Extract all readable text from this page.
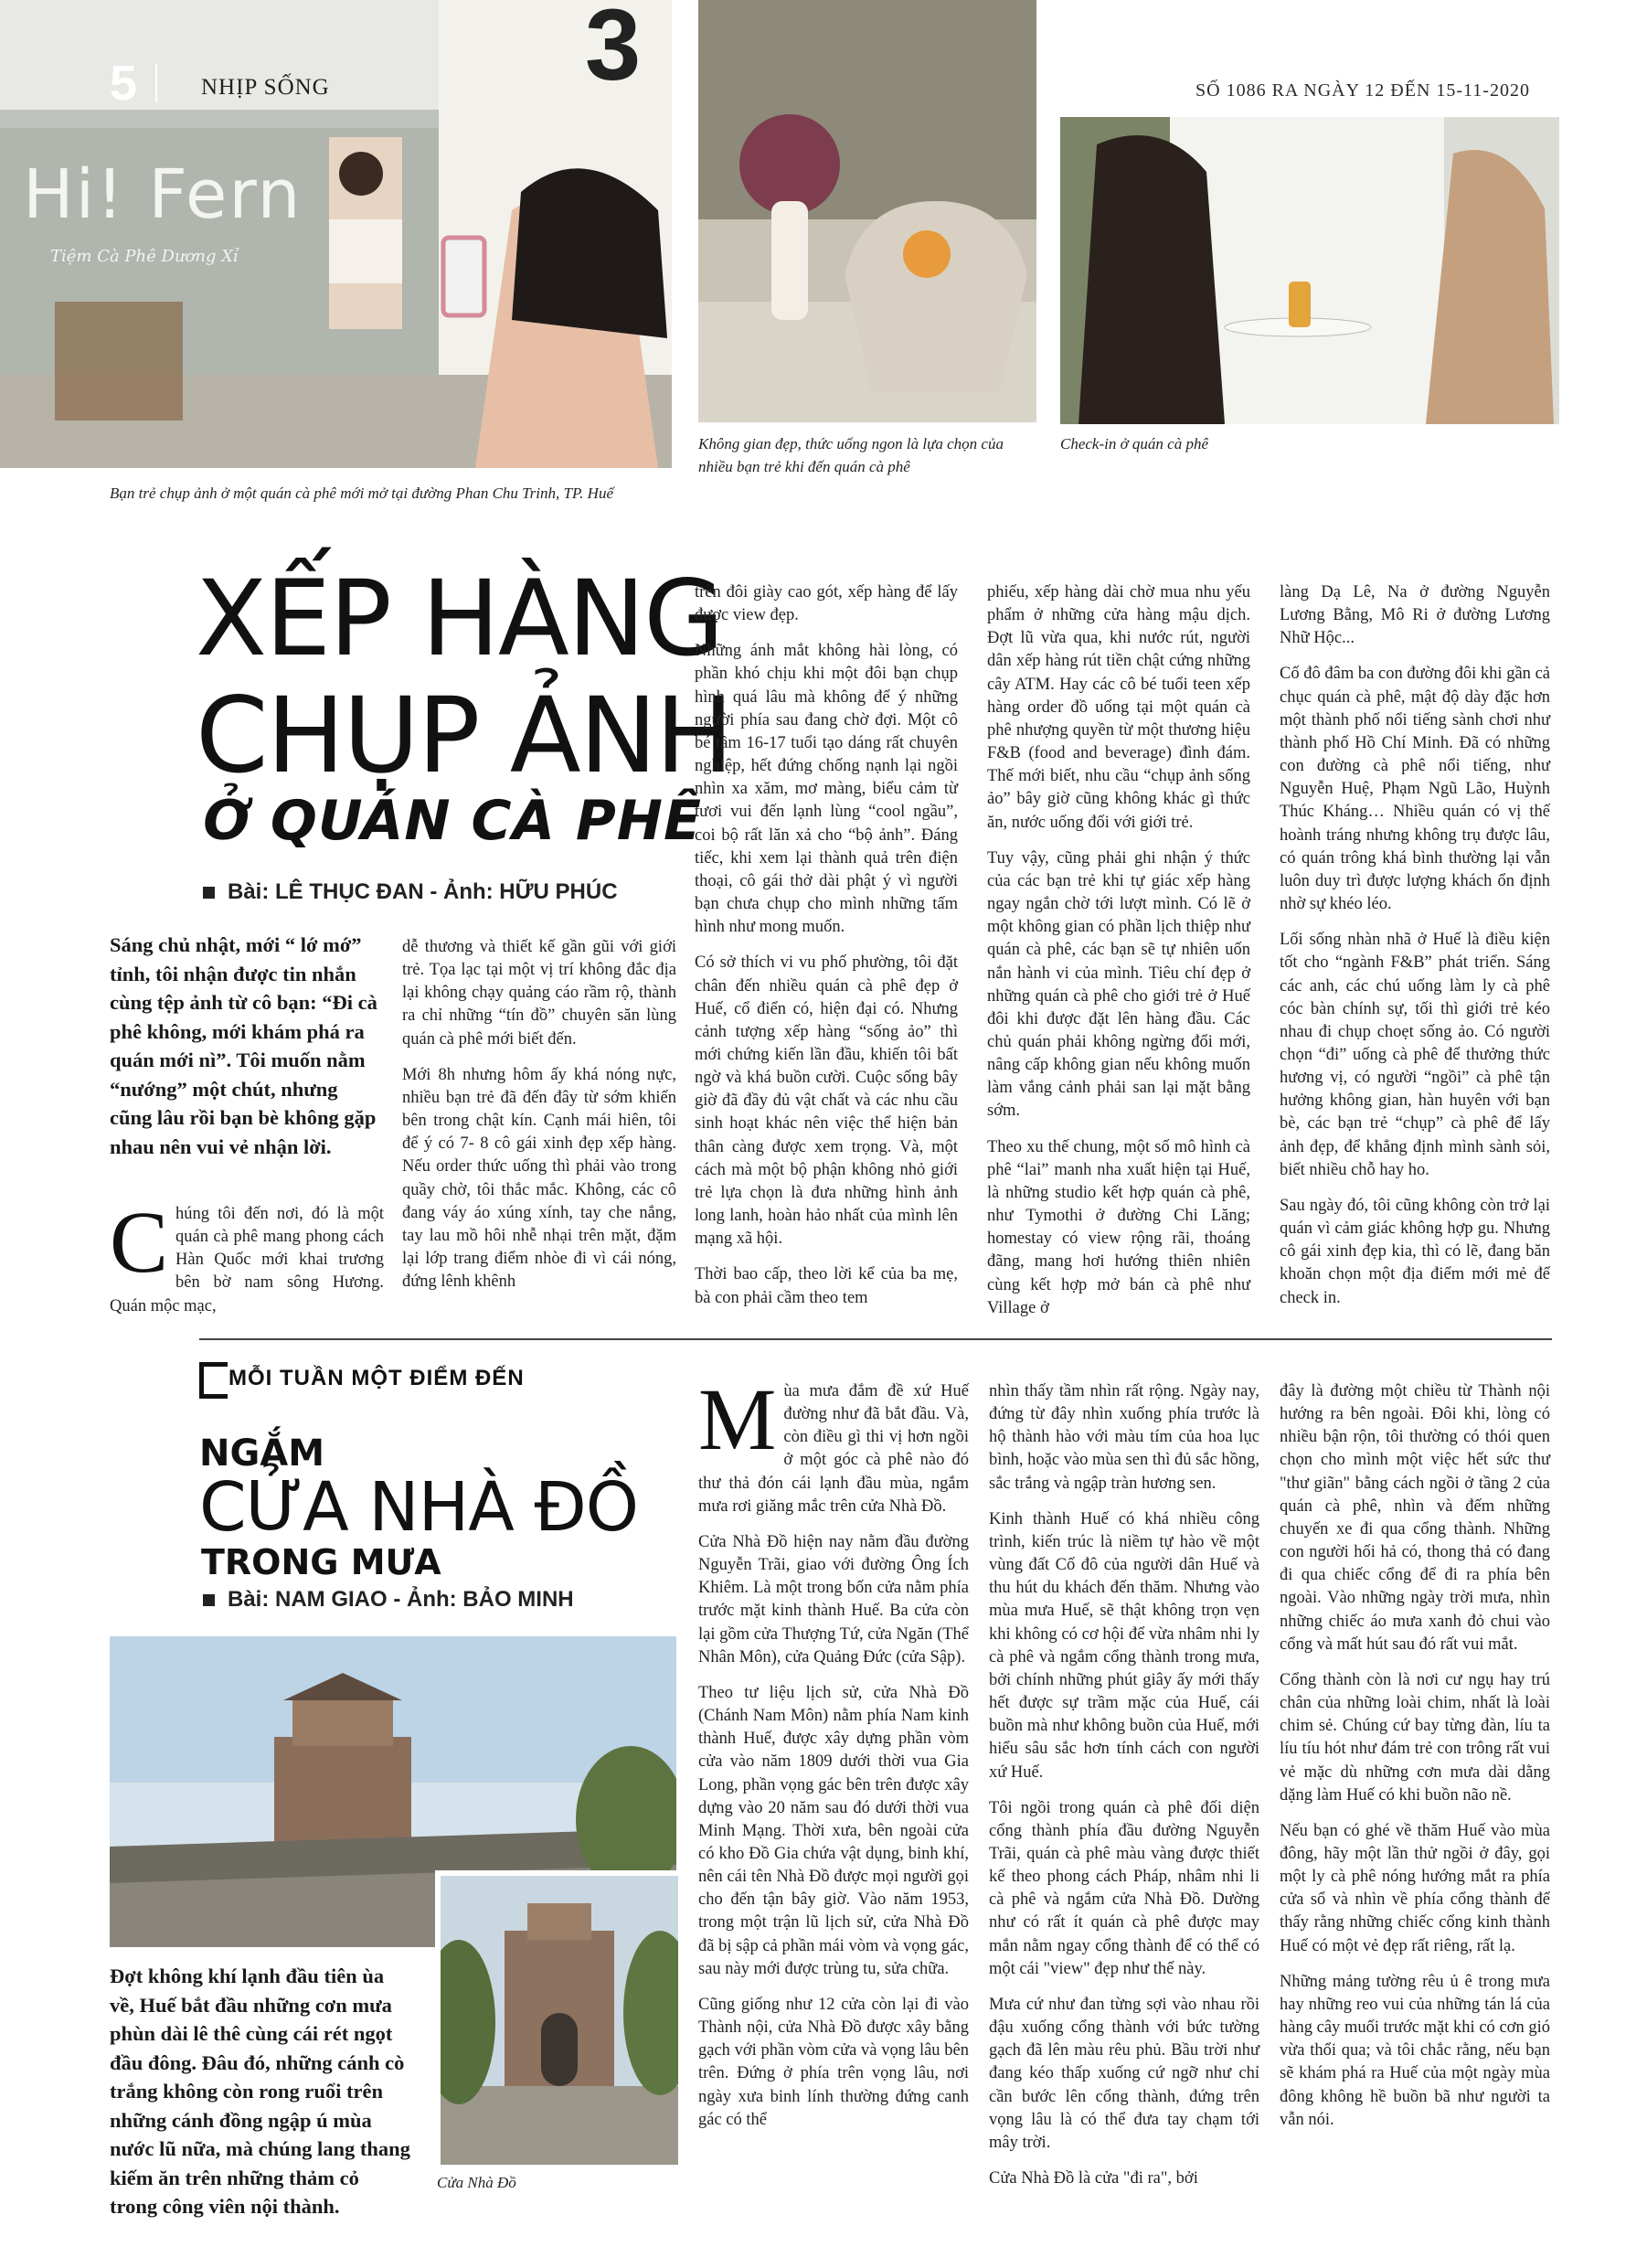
5	NHỊP SỐNG
Hi! Fern
Tiệm Cà Phê Dương Xỉ
3
Không gian đẹp, thức uống ngon là lựa chọn của nhiều bạn trẻ khi đến quán cà phê
Check-in ở quán cà phê
SỐ 1086 RA NGÀY 12 ĐẾN 15-11-2020
Bạn trẻ chụp ảnh ở một quán cà phê mới mở tại đường Phan Chu Trinh, TP. Huế
XẾP HÀNG
CHỤP ẢNH
Ở QUÁN CÀ PHÊ
Bài: LÊ THỤC ĐAN - Ảnh: HỮU PHÚC
Sáng chủ nhật, mới “ lớ mớ” tỉnh, tôi nhận được tin nhắn cùng tệp ảnh từ cô bạn: “Đi cà phê không, mới khám phá ra quán mới nì”. Tôi muốn nằm “nướng” một chút, nhưng cũng lâu rồi bạn bè không gặp nhau nên vui vẻ nhận lời.

Chúng tôi đến nơi, đó là một quán cà phê mang phong cách Hàn Quốc mới khai trương bên bờ nam sông Hương. Quán mộc mạc,

dễ thương và thiết kế gần gũi với giới trẻ. Tọa lạc tại một vị trí không đắc địa lại không chạy quảng cáo rầm rộ, thành ra chỉ những “tín đồ” chuyên săn lùng quán cà phê mới biết đến.

Mới 8h nhưng hôm ấy khá nóng nực, nhiều bạn trẻ đã đến đây từ sớm khiến bên trong chật kín. Cạnh mái hiên, tôi để ý có 7- 8 cô gái xinh đẹp xếp hàng. Nếu order thức uống thì phải vào trong quầy chờ, tôi thắc mắc. Không, các cô đang váy áo xúng xính, tay che nắng, tay lau mồ hôi nhễ nhại trên mặt, đặm lại lớp trang điểm nhòe đi vì cái nóng, đứng lênh khênh

trên đôi giày cao gót, xếp hàng để lấy được view đẹp.

Những ánh mắt không hài lòng, có phần khó chịu khi một đôi bạn chụp hình quá lâu mà không để ý những người phía sau đang chờ đợi. Một cô bé tầm 16-17 tuổi tạo dáng rất chuyên nghiệp, hết đứng chống nạnh lại ngồi nhìn xa xăm, mơ màng, biểu cảm từ tươi vui đến lạnh lùng “cool ngầu”, coi bộ rất lăn xả cho “bộ ảnh”. Đáng tiếc, khi xem lại thành quả trên điện thoại, cô gái thở dài phật ý vì người bạn chưa chụp cho mình những tấm hình như mong muốn.

Có sở thích vi vu phố phường, tôi đặt chân đến nhiều quán cà phê đẹp ở Huế, cổ điển có, hiện đại có. Nhưng cảnh tượng xếp hàng “sống ảo” thì mới chứng kiến lần đầu, khiến tôi bất ngờ và khá buồn cười. Cuộc sống bây giờ đã đầy đủ vật chất và các nhu cầu sinh hoạt khác nên việc thể hiện bản thân càng được xem trọng. Và, một cách mà một bộ phận không nhỏ giới trẻ lựa chọn là đưa những hình ảnh long lanh, hoàn hảo nhất của mình lên mạng xã hội.

Thời bao cấp, theo lời kể của ba mẹ, bà con phải cầm theo tem

phiếu, xếp hàng dài chờ mua nhu yếu phẩm ở những cửa hàng mậu dịch. Đợt lũ vừa qua, khi nước rút, người dân xếp hàng rút tiền chật cứng những cây ATM. Hay các cô bé tuổi teen xếp hàng order đồ uống tại một quán cà phê nhượng quyền từ một thương hiệu F&B (food and beverage) đình đám. Thế mới biết, nhu cầu “chụp ảnh sống ảo” bây giờ cũng không khác gì thức ăn, nước uống đối với giới trẻ.

Tuy vậy, cũng phải ghi nhận ý thức của các bạn trẻ khi tự giác xếp hàng ngay ngắn chờ tới lượt mình. Có lẽ ở một không gian có phần lịch thiệp như quán cà phê, các bạn sẽ tự nhiên uốn nắn hành vi của mình. Tiêu chí đẹp ở những quán cà phê cho giới trẻ ở Huế đôi khi được đặt lên hàng đầu. Các chủ quán phải không ngừng đổi mới, nâng cấp không gian nếu không muốn làm vắng cảnh phải san lại mặt bằng sớm.

Theo xu thế chung, một số mô hình cà phê “lai” manh nha xuất hiện tại Huế, là những studio kết hợp quán cà phê, như Tymothi ở đường Chi Lăng; homestay có view rộng rãi, thoáng đãng, mang hơi hướng thiên nhiên cùng kết hợp mở bán cà phê như Village ở

làng Dạ Lê, Na ở đường Nguyễn Lương Bằng, Mô Ri ở đường Lương Nhữ Hộc...

Cố đô đâm ba con đường đôi khi gần cả chục quán cà phê, mật độ dày đặc hơn một thành phố nổi tiếng sành chơi như thành phố Hồ Chí Minh. Đã có những con đường cà phê nổi tiếng, như Nguyễn Huệ, Phạm Ngũ Lão, Huỳnh Thúc Kháng… Nhiều quán có vị thế hoành tráng nhưng không trụ được lâu, có quán trông khá bình thường lại vẫn luôn duy trì được lượng khách ổn định nhờ sự khéo léo.

Lối sống nhàn nhã ở Huế là điều kiện tốt cho “ngành F&B” phát triển. Sáng các anh, các chú uống làm ly cà phê cóc bàn chính sự, tối thì giới trẻ kéo nhau đi chụp choẹt sống ảo. Có người chọn “đi” uống cà phê để thưởng thức hương vị, có người “ngồi” cà phê tận hưởng không gian, hàn huyên với bạn bè, các bạn trẻ “chụp” cà phê để lấy ảnh đẹp, để khẳng định mình sành sỏi, biết nhiều chỗ hay ho.

Sau ngày đó, tôi cũng không còn trở lại quán vì cảm giác không hợp gu. Nhưng cô gái xinh đẹp kia, thì có lẽ, đang băn khoăn chọn một địa điểm mới mẻ để check in.

MỖI TUẦN MỘT ĐIỂM ĐẾN
NGẮM
CỬA NHÀ ĐỒ
TRONG MƯA
Bài: NAM GIAO - Ảnh: BẢO MINH
Cửa Nhà Đồ
Đợt không khí lạnh đầu tiên ùa về, Huế bắt đầu những cơn mưa phùn dài lê thê cùng cái rét ngọt đầu đông. Đâu đó, những cánh cò trắng không còn rong ruổi trên những cánh đồng ngập ú mùa nước lũ nữa, mà chúng lang thang kiếm ăn trên những thảm cỏ trong công viên nội thành.

Mùa mưa đắm đề xứ Huế đường như đã bắt đầu. Và, còn điều gì thi vị hơn ngồi ở một góc cà phê nào đó thư thả đón cái lạnh đầu mùa, ngắm mưa rơi giăng mắc trên cửa Nhà Đồ.

Cửa Nhà Đồ hiện nay nằm đầu đường Nguyễn Trãi, giao với đường Ông Ích Khiêm. Là một trong bốn cửa nằm phía trước mặt kinh thành Huế. Ba cửa còn lại gồm cửa Thượng Tứ, cửa Ngăn (Thể Nhân Môn), cửa Quảng Đức (cửa Sập).

Theo tư liệu lịch sử, cửa Nhà Đồ (Chánh Nam Môn) nằm phía Nam kinh thành Huế, được xây dựng phần vòm cửa vào năm 1809 dưới thời vua Gia Long, phần vọng gác bên trên được xây dựng vào 20 năm sau đó dưới thời vua Minh Mạng. Thời xưa, bên ngoài cửa có kho Đồ Gia chứa vật dụng, binh khí, nên cái tên Nhà Đồ được mọi người gọi cho đến tận bây giờ. Vào năm 1953, trong một trận lũ lịch sử, cửa Nhà Đồ đã bị sập cả phần mái vòm và vọng gác, sau này mới được trùng tu, sửa chữa.

Cũng giống như 12 cửa còn lại đi vào Thành nội, cửa Nhà Đồ được xây bằng gạch với phần vòm cửa và vọng lâu bên trên. Đứng ở phía trên vọng lâu, nơi ngày xưa binh lính thường đứng canh gác có thể

nhìn thấy tầm nhìn rất rộng. Ngày nay, đứng từ đây nhìn xuống phía trước là hộ thành hào với màu tím của hoa lục bình, hoặc vào mùa sen thì đủ sắc hồng, sắc trắng và ngập tràn hương sen.

Kinh thành Huế có khá nhiều công trình, kiến trúc là niềm tự hào về một vùng đất Cố đô của người dân Huế và thu hút du khách đến thăm. Nhưng vào mùa mưa Huế, sẽ thật không trọn vẹn khi không có cơ hội để vừa nhâm nhi ly cà phê và ngắm cổng thành trong mưa, bởi chính những phút giây ấy mới thấy hết được sự trầm mặc của Huế, cái buồn mà như không buồn của Huế, mới hiểu sâu sắc hơn tính cách con người xứ Huế.

Tôi ngồi trong quán cà phê đối diện cổng thành phía đầu đường Nguyễn Trãi, quán cà phê màu vàng được thiết kế theo phong cách Pháp, nhâm nhi li cà phê và ngắm cửa Nhà Đồ. Dường như có rất ít quán cà phê được may mắn nằm ngay cổng thành để có thể có một cái "view" đẹp như thế này.

Mưa cứ như đan từng sợi vào nhau rồi đậu xuống cổng thành với bức tường gạch đã lên màu rêu phủ. Bầu trời như đang kéo thấp xuống cứ ngỡ như chỉ cần bước lên cổng thành, đứng trên vọng lâu là có thể đưa tay chạm tới mây trời.

Cửa Nhà Đồ là cửa "đi ra", bởi

đây là đường một chiều từ Thành nội hướng ra bên ngoài. Đôi khi, lòng có nhiều bận rộn, tôi thường có thói quen chọn cho mình một việc hết sức thư "thư giãn" bằng cách ngồi ở tầng 2 của quán cà phê, nhìn và đếm những chuyến xe đi qua cổng thành. Những con người hối hả có, thong thả có đang đi qua chiếc cổng để đi ra phía bên ngoài. Vào những ngày trời mưa, nhìn những chiếc áo mưa xanh đỏ chui vào cổng và mất hút sau đó rất vui mắt.

Cổng thành còn là nơi cư ngụ hay trú chân của những loài chim, nhất là loài chim sẻ. Chúng cứ bay từng đàn, líu ta líu tíu hót như đám trẻ con trông rất vui vẻ mặc dù những cơn mưa dài dằng dặng làm Huế có khi buồn não nề.

Nếu bạn có ghé về thăm Huế vào mùa đông, hãy một lần thử ngồi ở đây, gọi một ly cà phê nóng hướng mắt ra phía cửa sổ và nhìn về phía cổng thành để thấy rằng những chiếc cổng kinh thành Huế có một vẻ đẹp rất riêng, rất lạ.

Những mảng tường rêu ủ ê trong mưa hay những reo vui của những tán lá của hàng cây muối trước mặt khi có cơn gió vừa thổi qua; và tôi chắc rằng, nếu bạn sẽ khám phá ra Huế của một ngày mùa đông không hề buồn bã như người ta vẫn nói.
